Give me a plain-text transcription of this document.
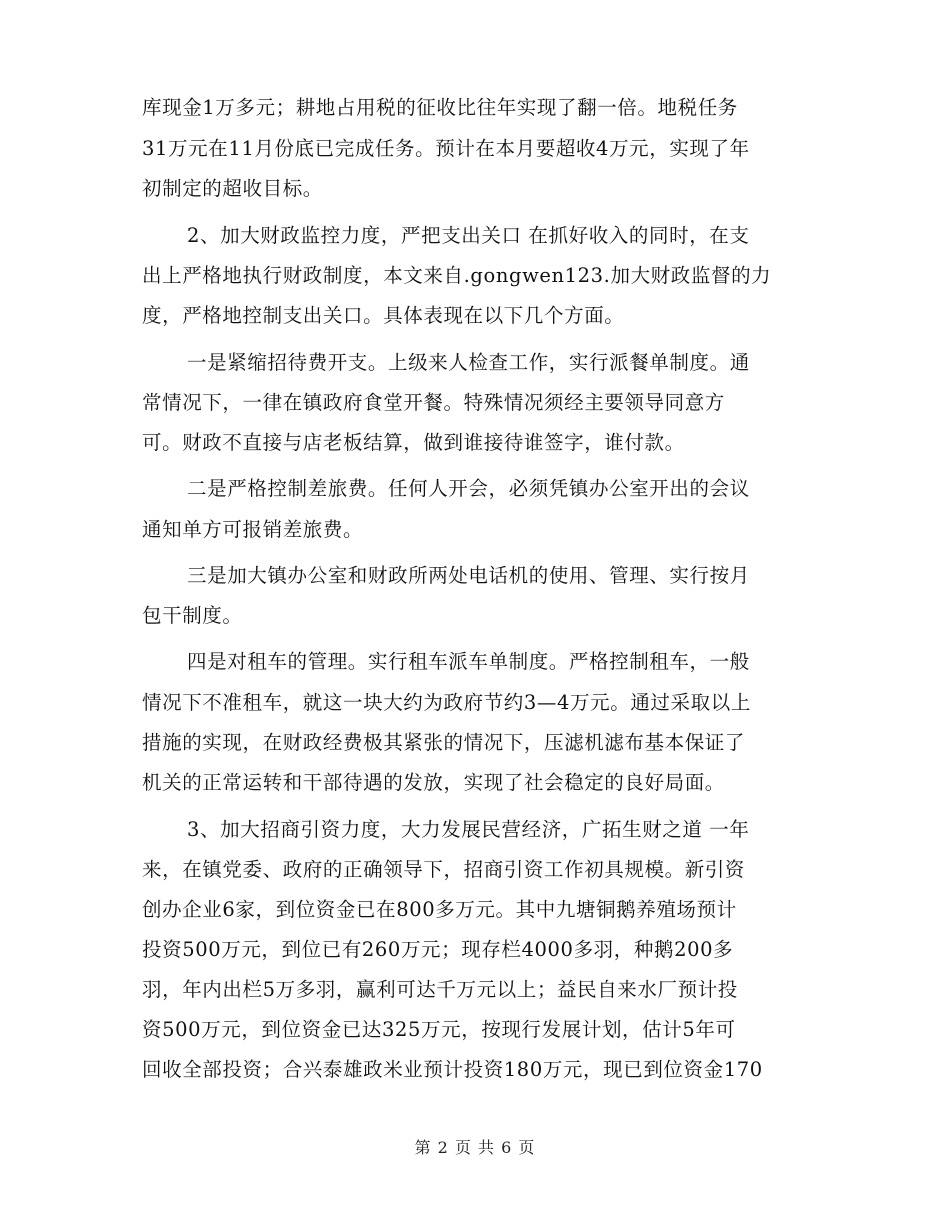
库现金1万多元；耕地占用税的征收比往年实现了翻一倍。地税任务
31万元在11月份底已完成任务。预计在本月要超收4万元，实现了年
初制定的超收目标。
2、加大财政监控力度，严把支出关口 在抓好收入的同时，在支
出上严格地执行财政制度，本文来自.gongwen123.加大财政监督的力
度，严格地控制支出关口。具体表现在以下几个方面。
一是紧缩招待费开支。上级来人检查工作，实行派餐单制度。通
常情况下，一律在镇政府食堂开餐。特殊情况须经主要领导同意方
可。财政不直接与店老板结算，做到谁接待谁签字，谁付款。
二是严格控制差旅费。任何人开会，必须凭镇办公室开出的会议
通知单方可报销差旅费。
三是加大镇办公室和财政所两处电话机的使用、管理、实行按月
包干制度。
四是对租车的管理。实行租车派车单制度。严格控制租车，一般
情况下不准租车，就这一块大约为政府节约3—4万元。通过采取以上
措施的实现，在财政经费极其紧张的情况下，压滤机滤布基本保证了
机关的正常运转和干部待遇的发放，实现了社会稳定的良好局面。
3、加大招商引资力度，大力发展民营经济，广拓生财之道 一年
来，在镇党委、政府的正确领导下，招商引资工作初具规模。新引资
创办企业6家，到位资金已在800多万元。其中九塘铜鹅养殖场预计
投资500万元，到位已有260万元；现存栏4000多羽，种鹅200多
羽，年内出栏5万多羽，赢利可达千万元以上；益民自来水厂预计投
资500万元，到位资金已达325万元，按现行发展计划，估计5年可
回收全部投资；合兴泰雄政米业预计投资180万元，现已到位资金170
第 2 页 共 6 页
